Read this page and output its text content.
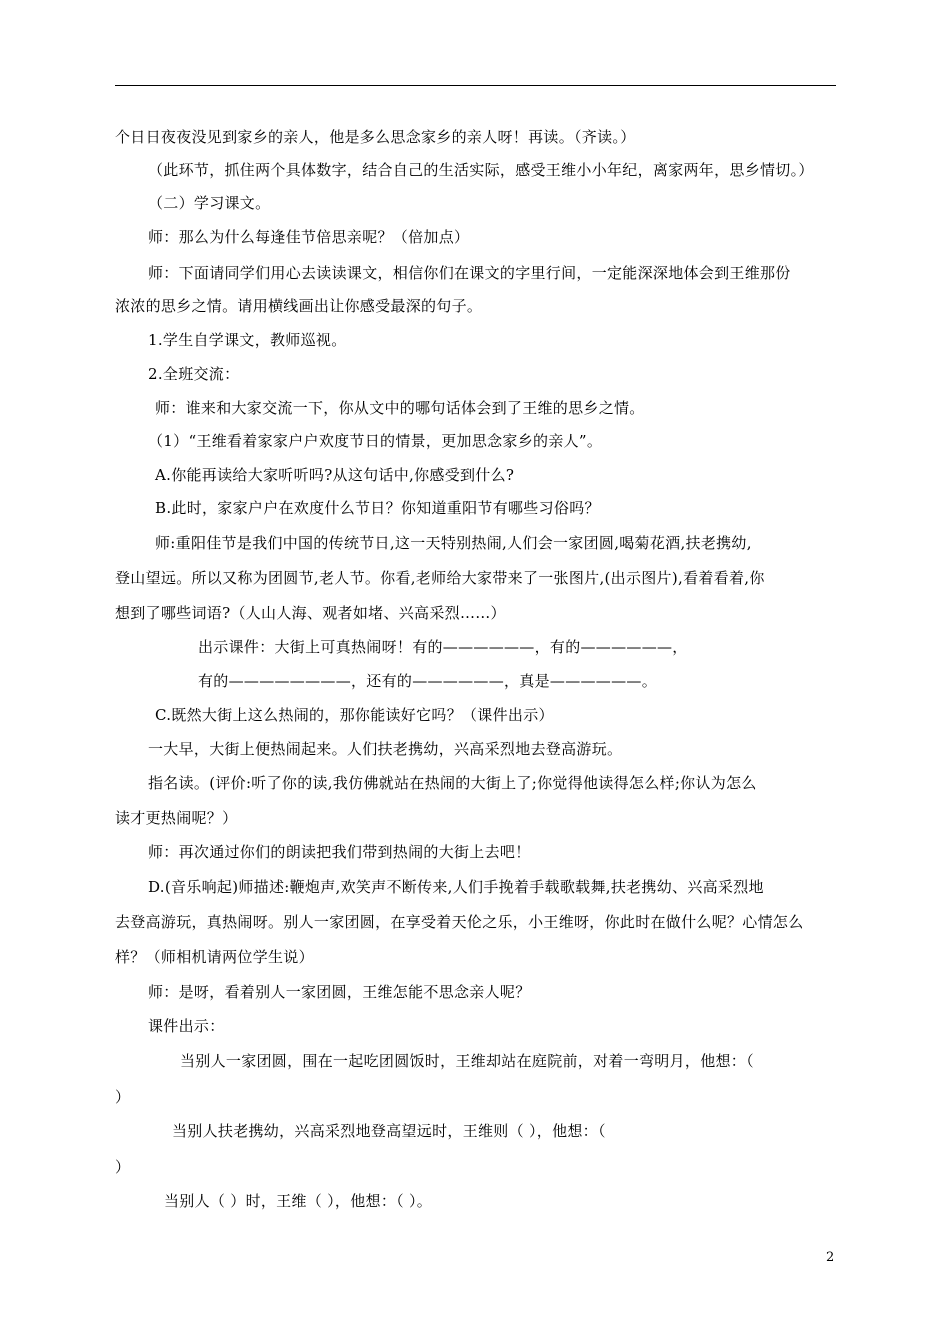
个日日夜夜没见到家乡的亲人，他是多么思念家乡的亲人呀！再读。（齐读。）
（此环节，抓住两个具体数字，结合自己的生活实际，感受王维小小年纪，离家两年，思乡情切。）
（二）学习课文。
师：那么为什么每逢佳节倍思亲呢？（倍加点）
师：下面请同学们用心去读读课文，相信你们在课文的字里行间，一定能深深地体会到王维那份
浓浓的思乡之情。请用横线画出让你感受最深的句子。
1.学生自学课文，教师巡视。
2.全班交流：
师：谁来和大家交流一下，你从文中的哪句话体会到了王维的思乡之情。
（1）“王维看着家家户户欢度节日的情景，更加思念家乡的亲人”。
A.你能再读给大家听听吗?从这句话中,你感受到什么?
B.此时，家家户户在欢度什么节日？你知道重阳节有哪些习俗吗？
师:重阳佳节是我们中国的传统节日,这一天特别热闹,人们会一家团圆,喝菊花酒,扶老携幼,
登山望远。所以又称为团圆节,老人节。你看,老师给大家带来了一张图片,(出示图片),看着看着,你
想到了哪些词语?（人山人海、观者如堵、兴高采烈……）
出示课件：大街上可真热闹呀！有的——————，有的——————，
有的————————，还有的——————，真是——————。
C.既然大街上这么热闹的，那你能读好它吗？（课件出示）
一大早，大街上便热闹起来。人们扶老携幼，兴高采烈地去登高游玩。
指名读。(评价:听了你的读,我仿佛就站在热闹的大街上了;你觉得他读得怎么样;你认为怎么
读才更热闹呢？）
师：再次通过你们的朗读把我们带到热闹的大街上去吧！
D.(音乐响起)师描述:鞭炮声,欢笑声不断传来,人们手挽着手载歌载舞,扶老携幼、兴高采烈地
去登高游玩，真热闹呀。别人一家团圆，在享受着天伦之乐，小王维呀，你此时在做什么呢？心情怎么
样？（师相机请两位学生说）
师：是呀，看着别人一家团圆，王维怎能不思念亲人呢？
课件出示：
当别人一家团圆，围在一起吃团圆饭时，王维却站在庭院前，对着一弯明月，他想：（
）
当别人扶老携幼，兴高采烈地登高望远时，王维则（ ），他想：（
）
当别人（ ）时，王维（ ），他想：（ ）。
2
